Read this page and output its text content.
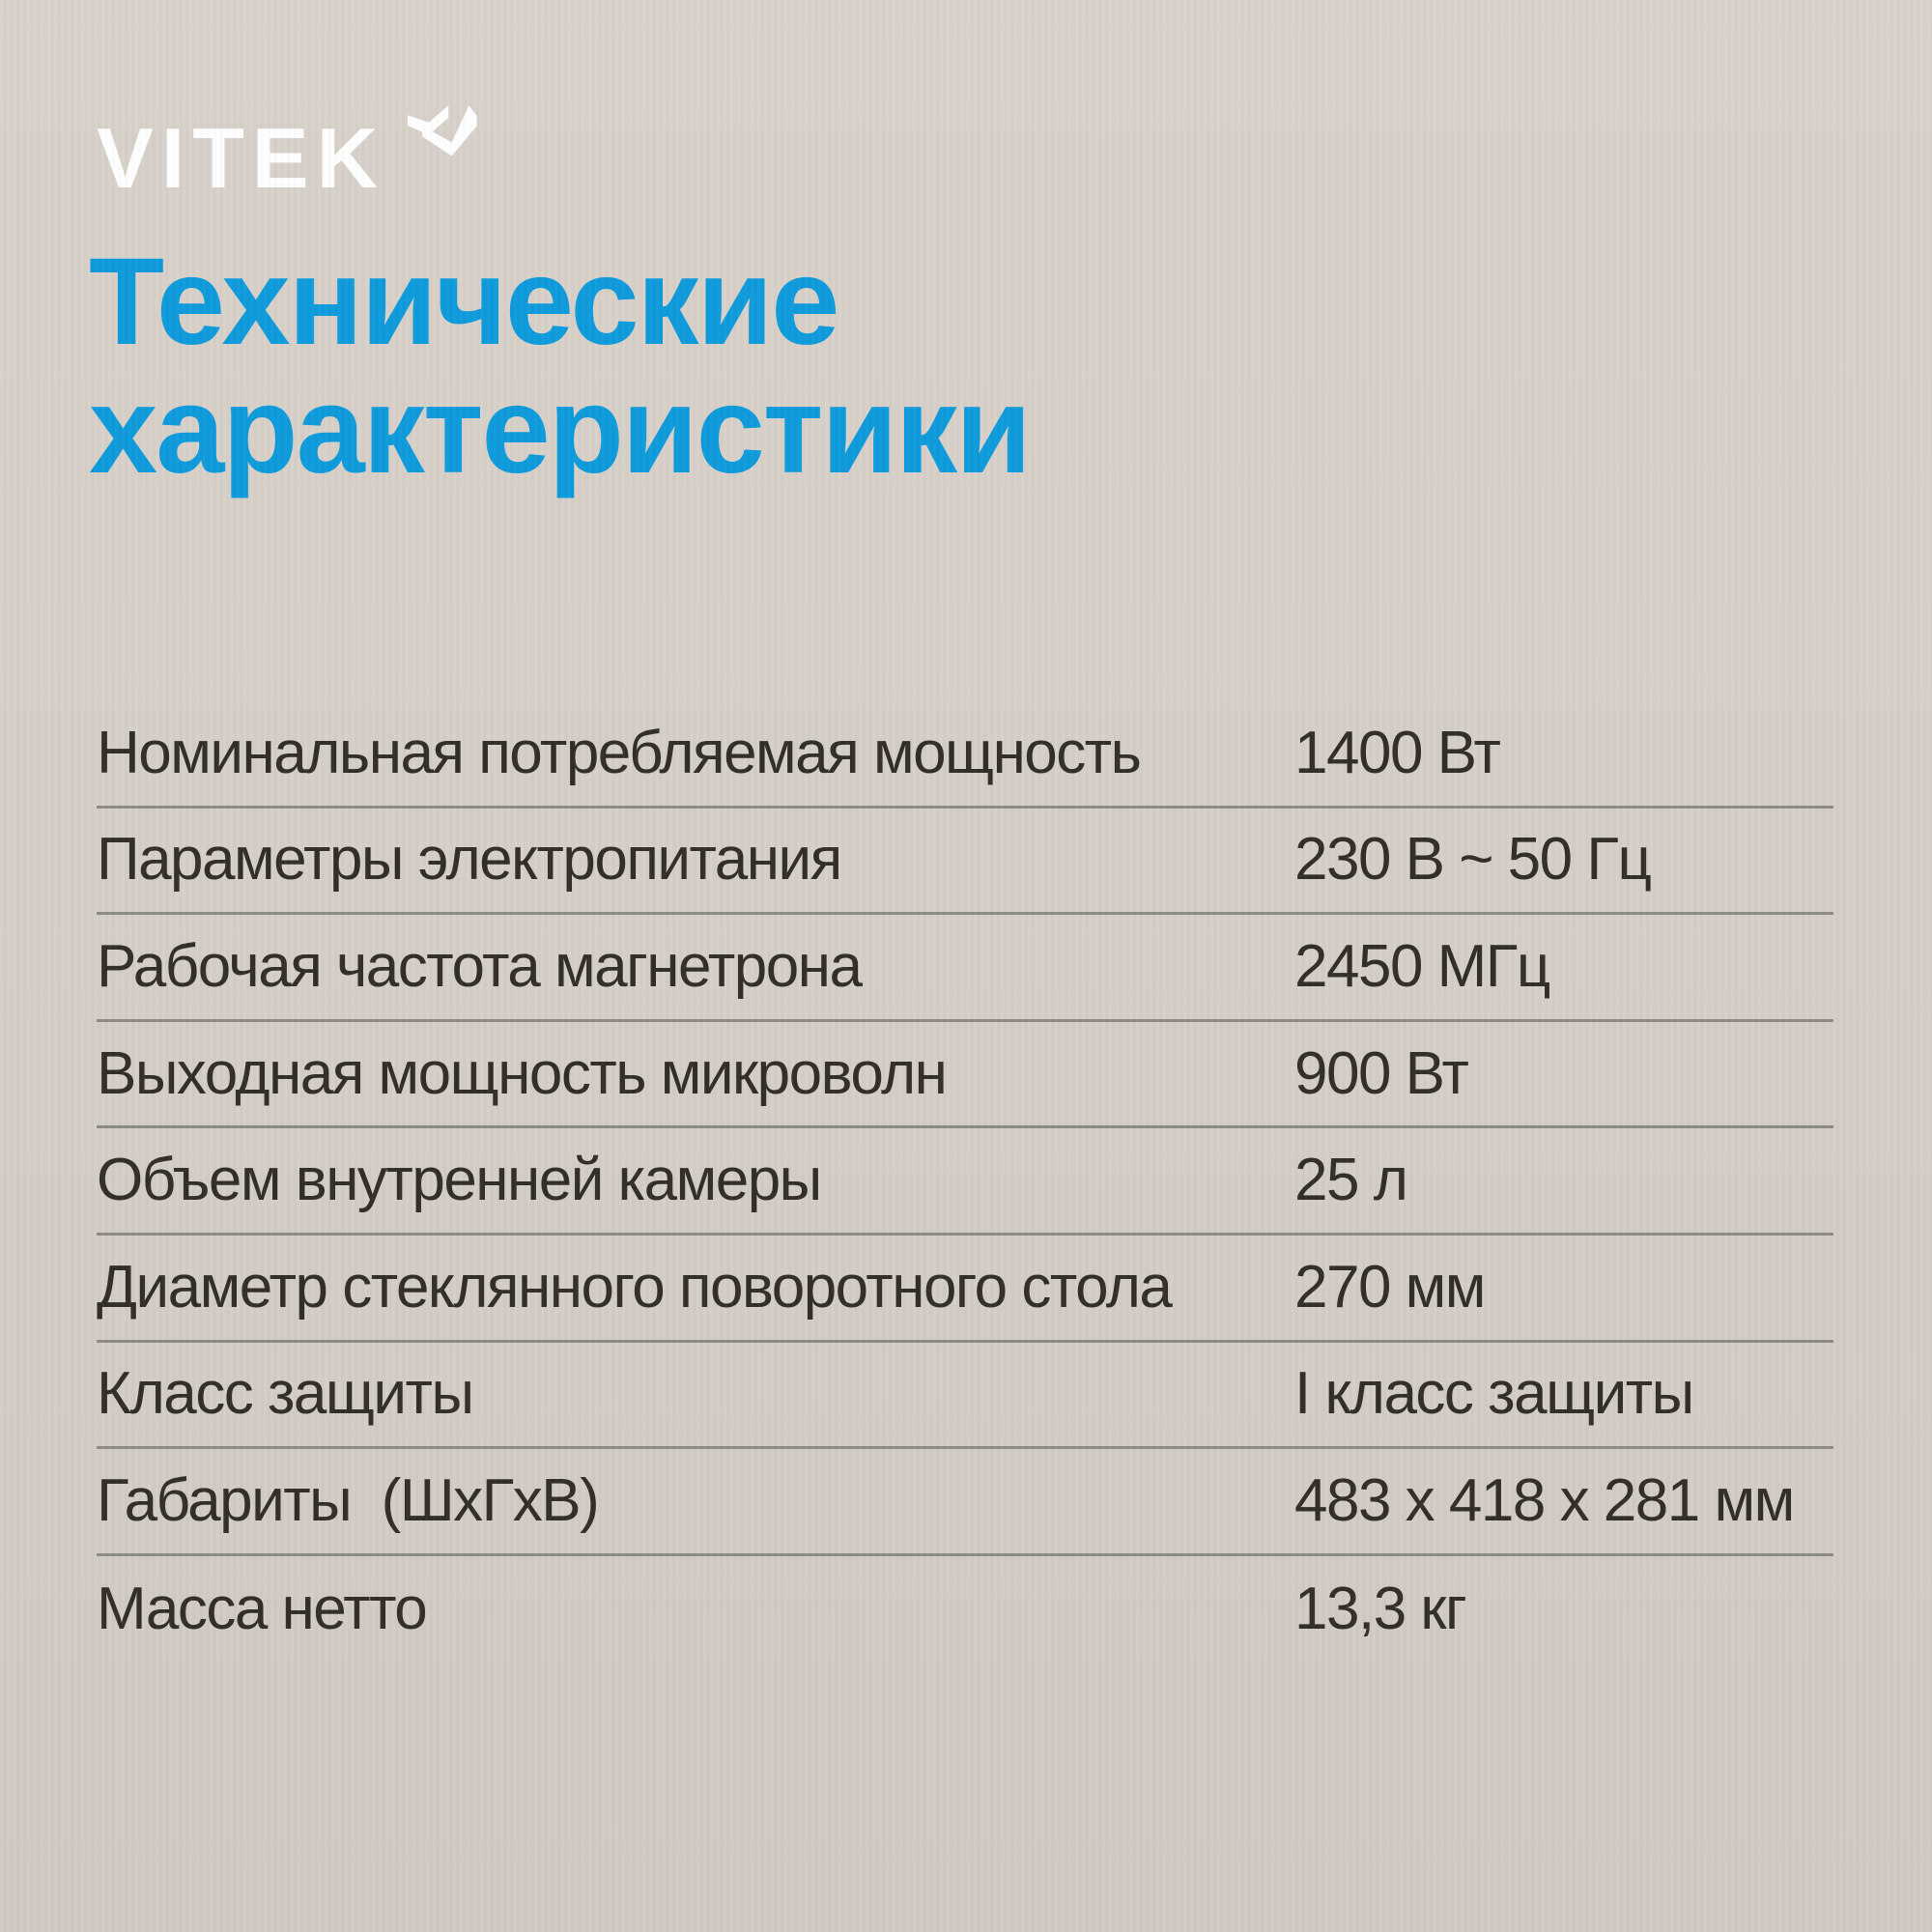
VITEK
Технические
характеристики
Номинальная потребляемая мощность	1400 Вт
Параметры электропитания	230 В ~ 50 Гц
Рабочая частота магнетрона	2450 МГц
Выходная мощность микроволн	900 Вт
Объем внутренней камеры	25 л
Диаметр стеклянного поворотного стола	270 мм
Класс защиты	I класс защиты
Габариты  (ШхГхВ)	483 x 418 x 281 мм
Масса нетто	13,3 кг
